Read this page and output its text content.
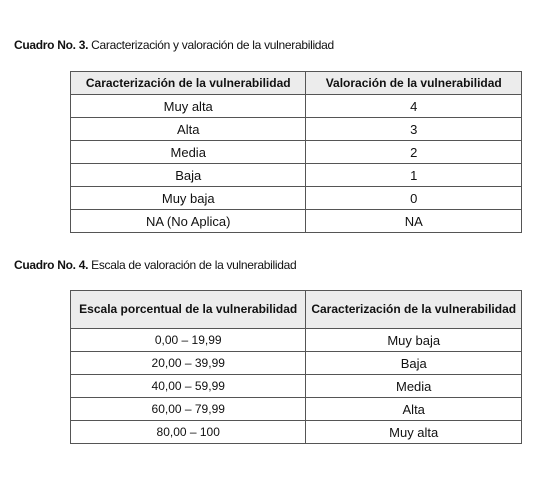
Cuadro No. 3. Caracterización y valoración de la vulnerabilidad
Caracterización de la vulnerabilidad	Valoración de la vulnerabilidad
Muy alta	4
Alta	3
Media	2
Baja	1
Muy baja	0
NA (No Aplica)	NA
Cuadro No. 4. Escala de valoración de la vulnerabilidad
Escala porcentual de la vulnerabilidad	Caracterización de la vulnerabilidad
0,00 – 19,99	Muy baja
20,00 – 39,99	Baja
40,00 – 59,99	Media
60,00 – 79,99	Alta
80,00 – 100	Muy alta
